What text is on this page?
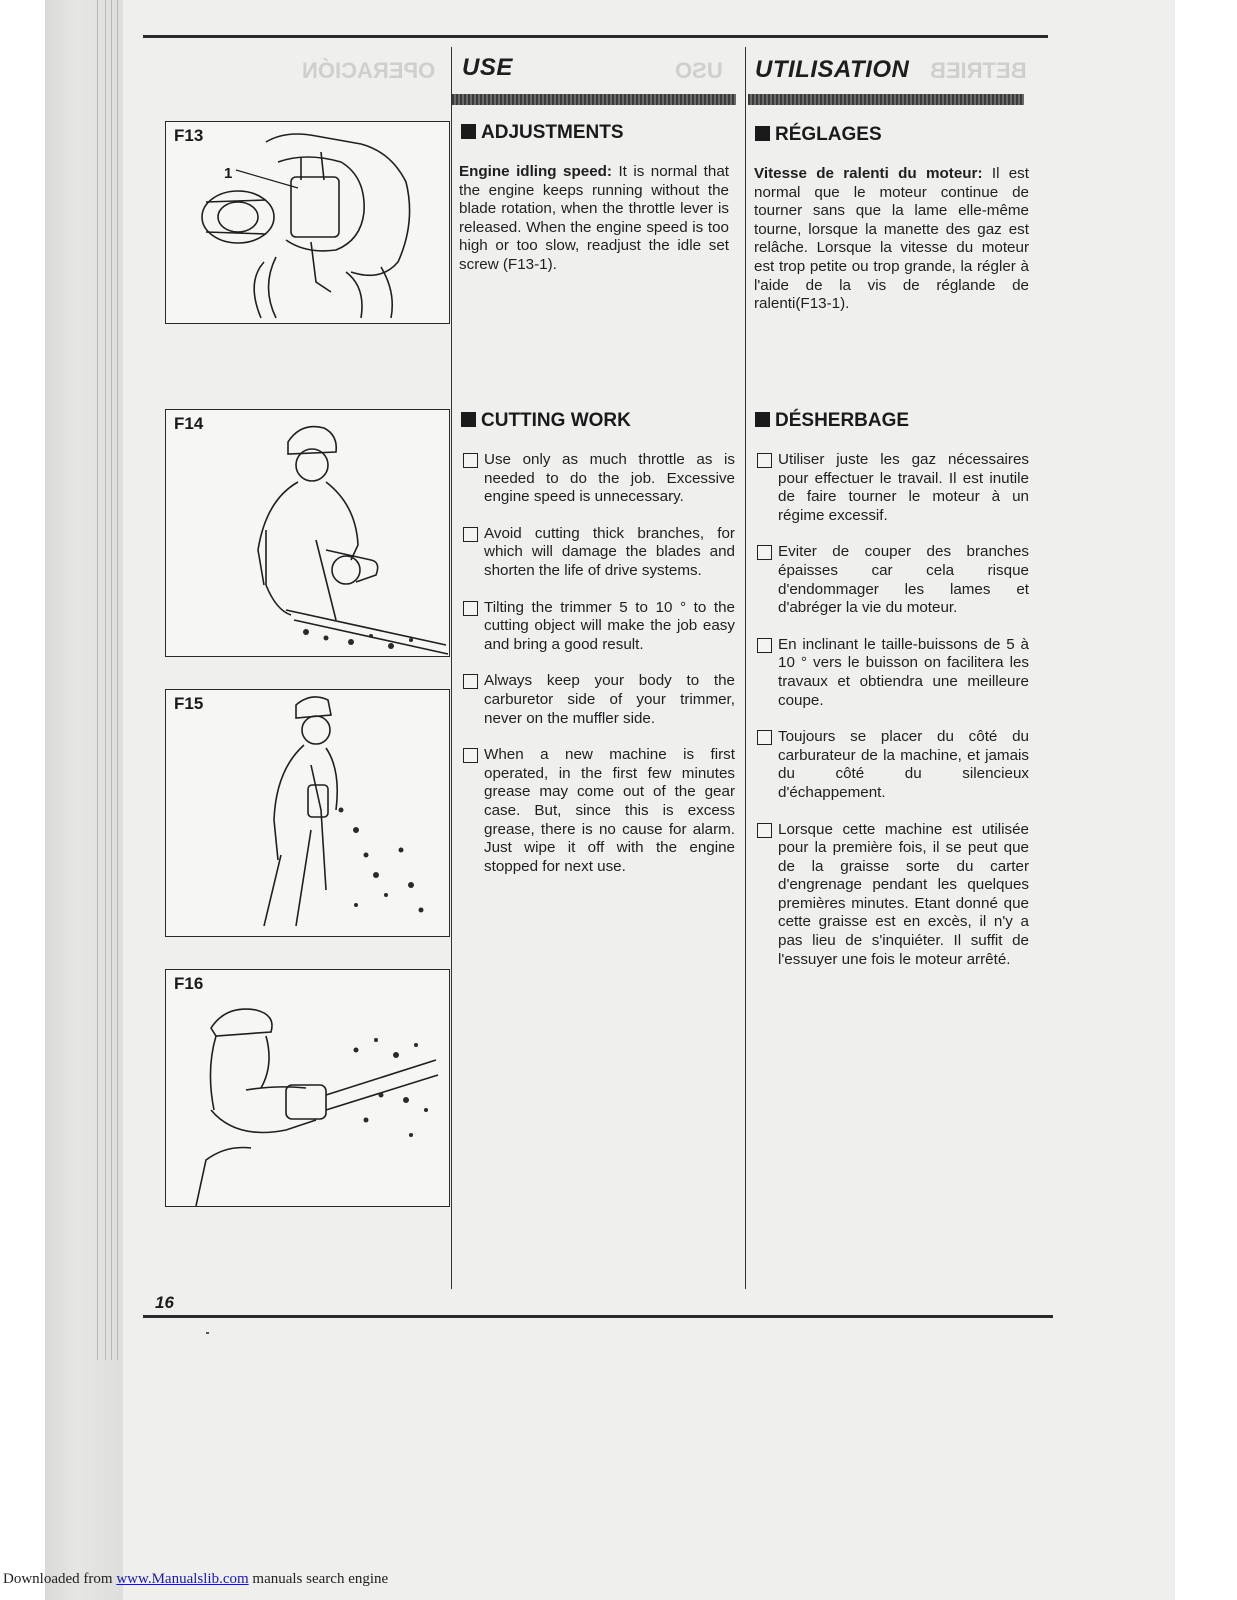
OPERACIÓN	USO	BETRIEB
USE	UTILISATION
1
F13
F14
F15
F16
ADJUSTMENTS
Engine idling speed: It is normal that the engine keeps running without the blade rotation, when the throttle lever is released. When the engine speed is too high or too slow, readjust the idle set screw (F13-1).
CUTTING WORK
Use only as much throttle as is needed to do the job. Excessive engine speed is unnecessary.
Avoid cutting thick branches, for which will damage the blades and shorten the life of drive systems.
Tilting the trimmer 5 to 10 ° to the cutting object will make the job easy and bring a good result.
Always keep your body to the carburetor side of your trimmer, never on the muffler side.
When a new machine is first operated, in the first few minutes grease may come out of the gear case. But, since this is excess grease, there is no cause for alarm. Just wipe it off with the engine stopped for next use.
RÉGLAGES
Vitesse de ralenti du moteur: Il est normal que le moteur continue de tourner sans que la lame elle-même tourne, lorsque la manette des gaz est relâche. Lorsque la vitesse du moteur est trop petite ou trop grande, la régler à l'aide de la vis de réglande de ralenti(F13-1).
DÉSHERBAGE
Utiliser juste les gaz nécessaires pour effectuer le travail. Il est inutile de faire tourner le moteur à un régime excessif.
Eviter de couper des branches épaisses car cela risque d'endommager les lames et d'abréger la vie du moteur.
En inclinant le taille-buissons de 5 à 10 ° vers le buisson on facilitera les travaux et obtiendra une meilleure coupe.
Toujours se placer du côté du carburateur de la machine, et jamais du côté du silencieux d'échappement.
Lorsque cette machine est utilisée pour la première fois, il se peut que de la graisse sorte du carter d'engrenage pendant les quelques premières minutes. Etant donné que cette graisse est en excès, il n'y a pas lieu de s'inquiéter. Il suffit de l'essuyer une fois le moteur arrêté.
16
Downloaded from www.Manualslib.com manuals search engine
